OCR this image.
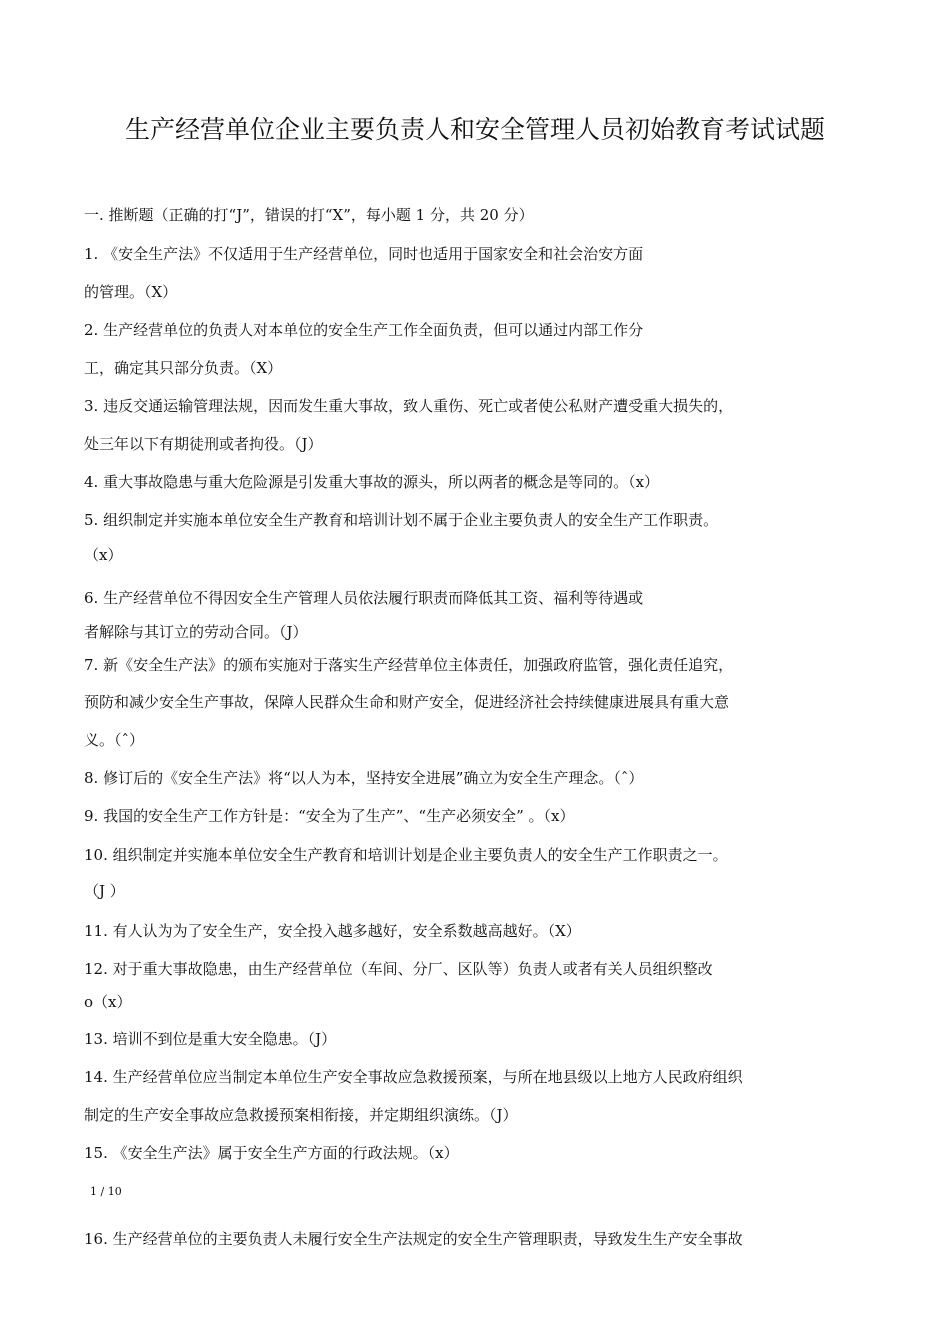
生产经营单位企业主要负责人和安全管理人员初始教育考试试题
一. 推断题（正确的打“J”，错误的打“X”，每小题 1 分，共 20 分）
1. 《安全生产法》不仅适用于生产经营单位，同时也适用于国家安全和社会治安方面
的管理。（X）
2. 生产经营单位的负责人对本单位的安全生产工作全面负责，但可以通过内部工作分
工，确定其只部分负责。（X）
3. 违反交通运输管理法规，因而发生重大事故，致人重伤、死亡或者使公私财产遭受重大损失的，
处三年以下有期徒刑或者拘役。（J）
4. 重大事故隐患与重大危险源是引发重大事故的源头，所以两者的概念是等同的。（x）
5. 组织制定并实施本单位安全生产教育和培训计划不属于企业主要负责人的安全生产工作职责。
（x）
6. 生产经营单位不得因安全生产管理人员依法履行职责而降低其工资、福利等待遇或
者解除与其订立的劳动合同。（J）
7. 新《安全生产法》的颁布实施对于落实生产经营单位主体责任，加强政府监管，强化责任追究，
预防和减少安全生产事故，保障人民群众生命和财产安全，促进经济社会持续健康进展具有重大意
义。（ˆ）
8. 修订后的《安全生产法》将“以人为本，坚持安全进展”确立为安全生产理念。（ˆ）
9. 我国的安全生产工作方针是：“安全为了生产”、“生产必须安全” 。（x）
10. 组织制定并实施本单位安全生产教育和培训计划是企业主要负责人的安全生产工作职责之一。
（J ）
11. 有人认为为了安全生产，安全投入越多越好，安全系数越高越好。（X）
12. 对于重大事故隐患，由生产经营单位（车间、分厂、区队等）负责人或者有关人员组织整改
o（x）
13. 培训不到位是重大安全隐患。（J）
14. 生产经营单位应当制定本单位生产安全事故应急救援预案，与所在地县级以上地方人民政府组织
制定的生产安全事故应急救援预案相衔接，并定期组织演练。（J）
15. 《安全生产法》属于安全生产方面的行政法规。（x）
1 / 10
16. 生产经营单位的主要负责人未履行安全生产法规定的安全生产管理职责，导致发生生产安全事故
